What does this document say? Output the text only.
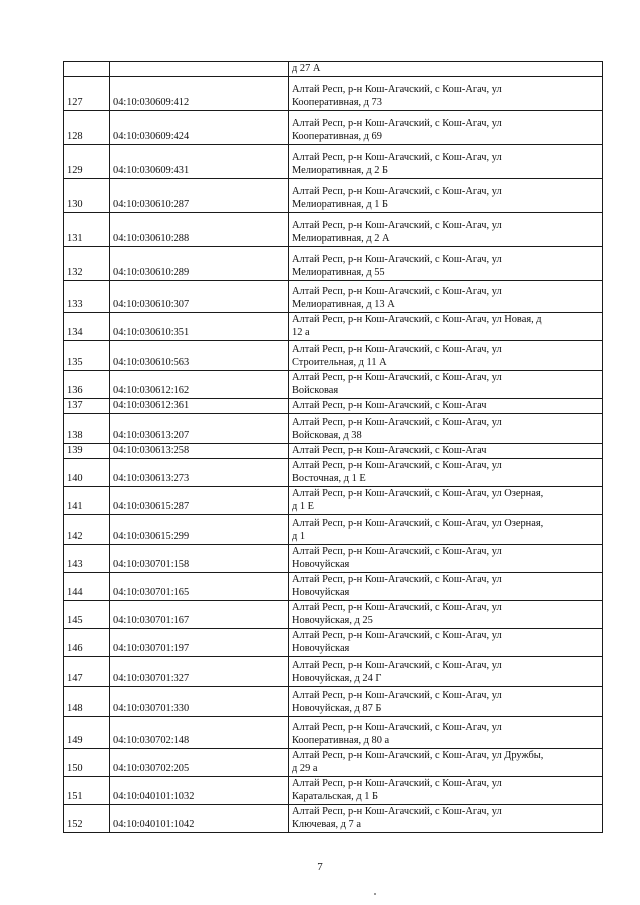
		д 27 А

127	04:10:030609:412	Алтай Респ, р-н Кош-Агачский, с Кош-Агач, ул
Кооперативная, д 73

128	04:10:030609:424	Алтай Респ, р-н Кош-Агачский, с Кош-Агач, ул
Кооперативная, д 69

129	04:10:030609:431	Алтай Респ, р-н Кош-Агачский, с Кош-Агач, ул
Мелиоративная, д 2 Б

130	04:10:030610:287	Алтай Респ, р-н Кош-Агачский, с Кош-Агач, ул
Мелиоративная, д 1 Б

131	04:10:030610:288	Алтай Респ, р-н Кош-Агачский, с Кош-Агач, ул
Мелиоративная, д 2 А

132	04:10:030610:289	Алтай Респ, р-н Кош-Агачский, с Кош-Агач, ул
Мелиоративная, д 55

133	04:10:030610:307	Алтай Респ, р-н Кош-Агачский, с Кош-Агач, ул
Мелиоративная, д 13 А

134	04:10:030610:351	Алтай Респ, р-н Кош-Агачский, с Кош-Агач, ул Новая, д
12 а

135	04:10:030610:563	Алтай Респ, р-н Кош-Агачский, с Кош-Агач, ул
Строительная, д 11 А

136	04:10:030612:162	Алтай Респ, р-н Кош-Агачский, с Кош-Агач, ул
Войсковая

137	04:10:030612:361	Алтай Респ, р-н Кош-Агачский, с Кош-Агач

138	04:10:030613:207	Алтай Респ, р-н Кош-Агачский, с Кош-Агач, ул
Войсковая, д 38

139	04:10:030613:258	Алтай Респ, р-н Кош-Агачский, с Кош-Агач

140	04:10:030613:273	Алтай Респ, р-н Кош-Агачский, с Кош-Агач, ул
Восточная, д 1 Е

141	04:10:030615:287	Алтай Респ, р-н Кош-Агачский, с Кош-Агач, ул Озерная,
д 1 Е

142	04:10:030615:299	Алтай Респ, р-н Кош-Агачский, с Кош-Агач, ул Озерная,
д 1

143	04:10:030701:158	Алтай Респ, р-н Кош-Агачский, с Кош-Агач, ул
Новочуйская

144	04:10:030701:165	Алтай Респ, р-н Кош-Агачский, с Кош-Агач, ул
Новочуйская

145	04:10:030701:167	Алтай Респ, р-н Кош-Агачский, с Кош-Агач, ул
Новочуйская, д 25

146	04:10:030701:197	Алтай Респ, р-н Кош-Агачский, с Кош-Агач, ул
Новочуйская

147	04:10:030701:327	Алтай Респ, р-н Кош-Агачский, с Кош-Агач, ул
Новочуйская, д 24 Г

148	04:10:030701:330	Алтай Респ, р-н Кош-Агачский, с Кош-Агач, ул
Новочуйская, д 87 Б

149	04:10:030702:148	Алтай Респ, р-н Кош-Агачский, с Кош-Агач, ул
Кооперативная, д 80 а

150	04:10:030702:205	Алтай Респ, р-н Кош-Агачский, с Кош-Агач, ул Дружбы,
д 29 а

151	04:10:040101:1032	Алтай Респ, р-н Кош-Агачский, с Кош-Агач, ул
Каратальская, д 1 Б

152	04:10:040101:1042	Алтай Респ, р-н Кош-Агачский, с Кош-Агач, ул
Ключевая, д 7 а
7
